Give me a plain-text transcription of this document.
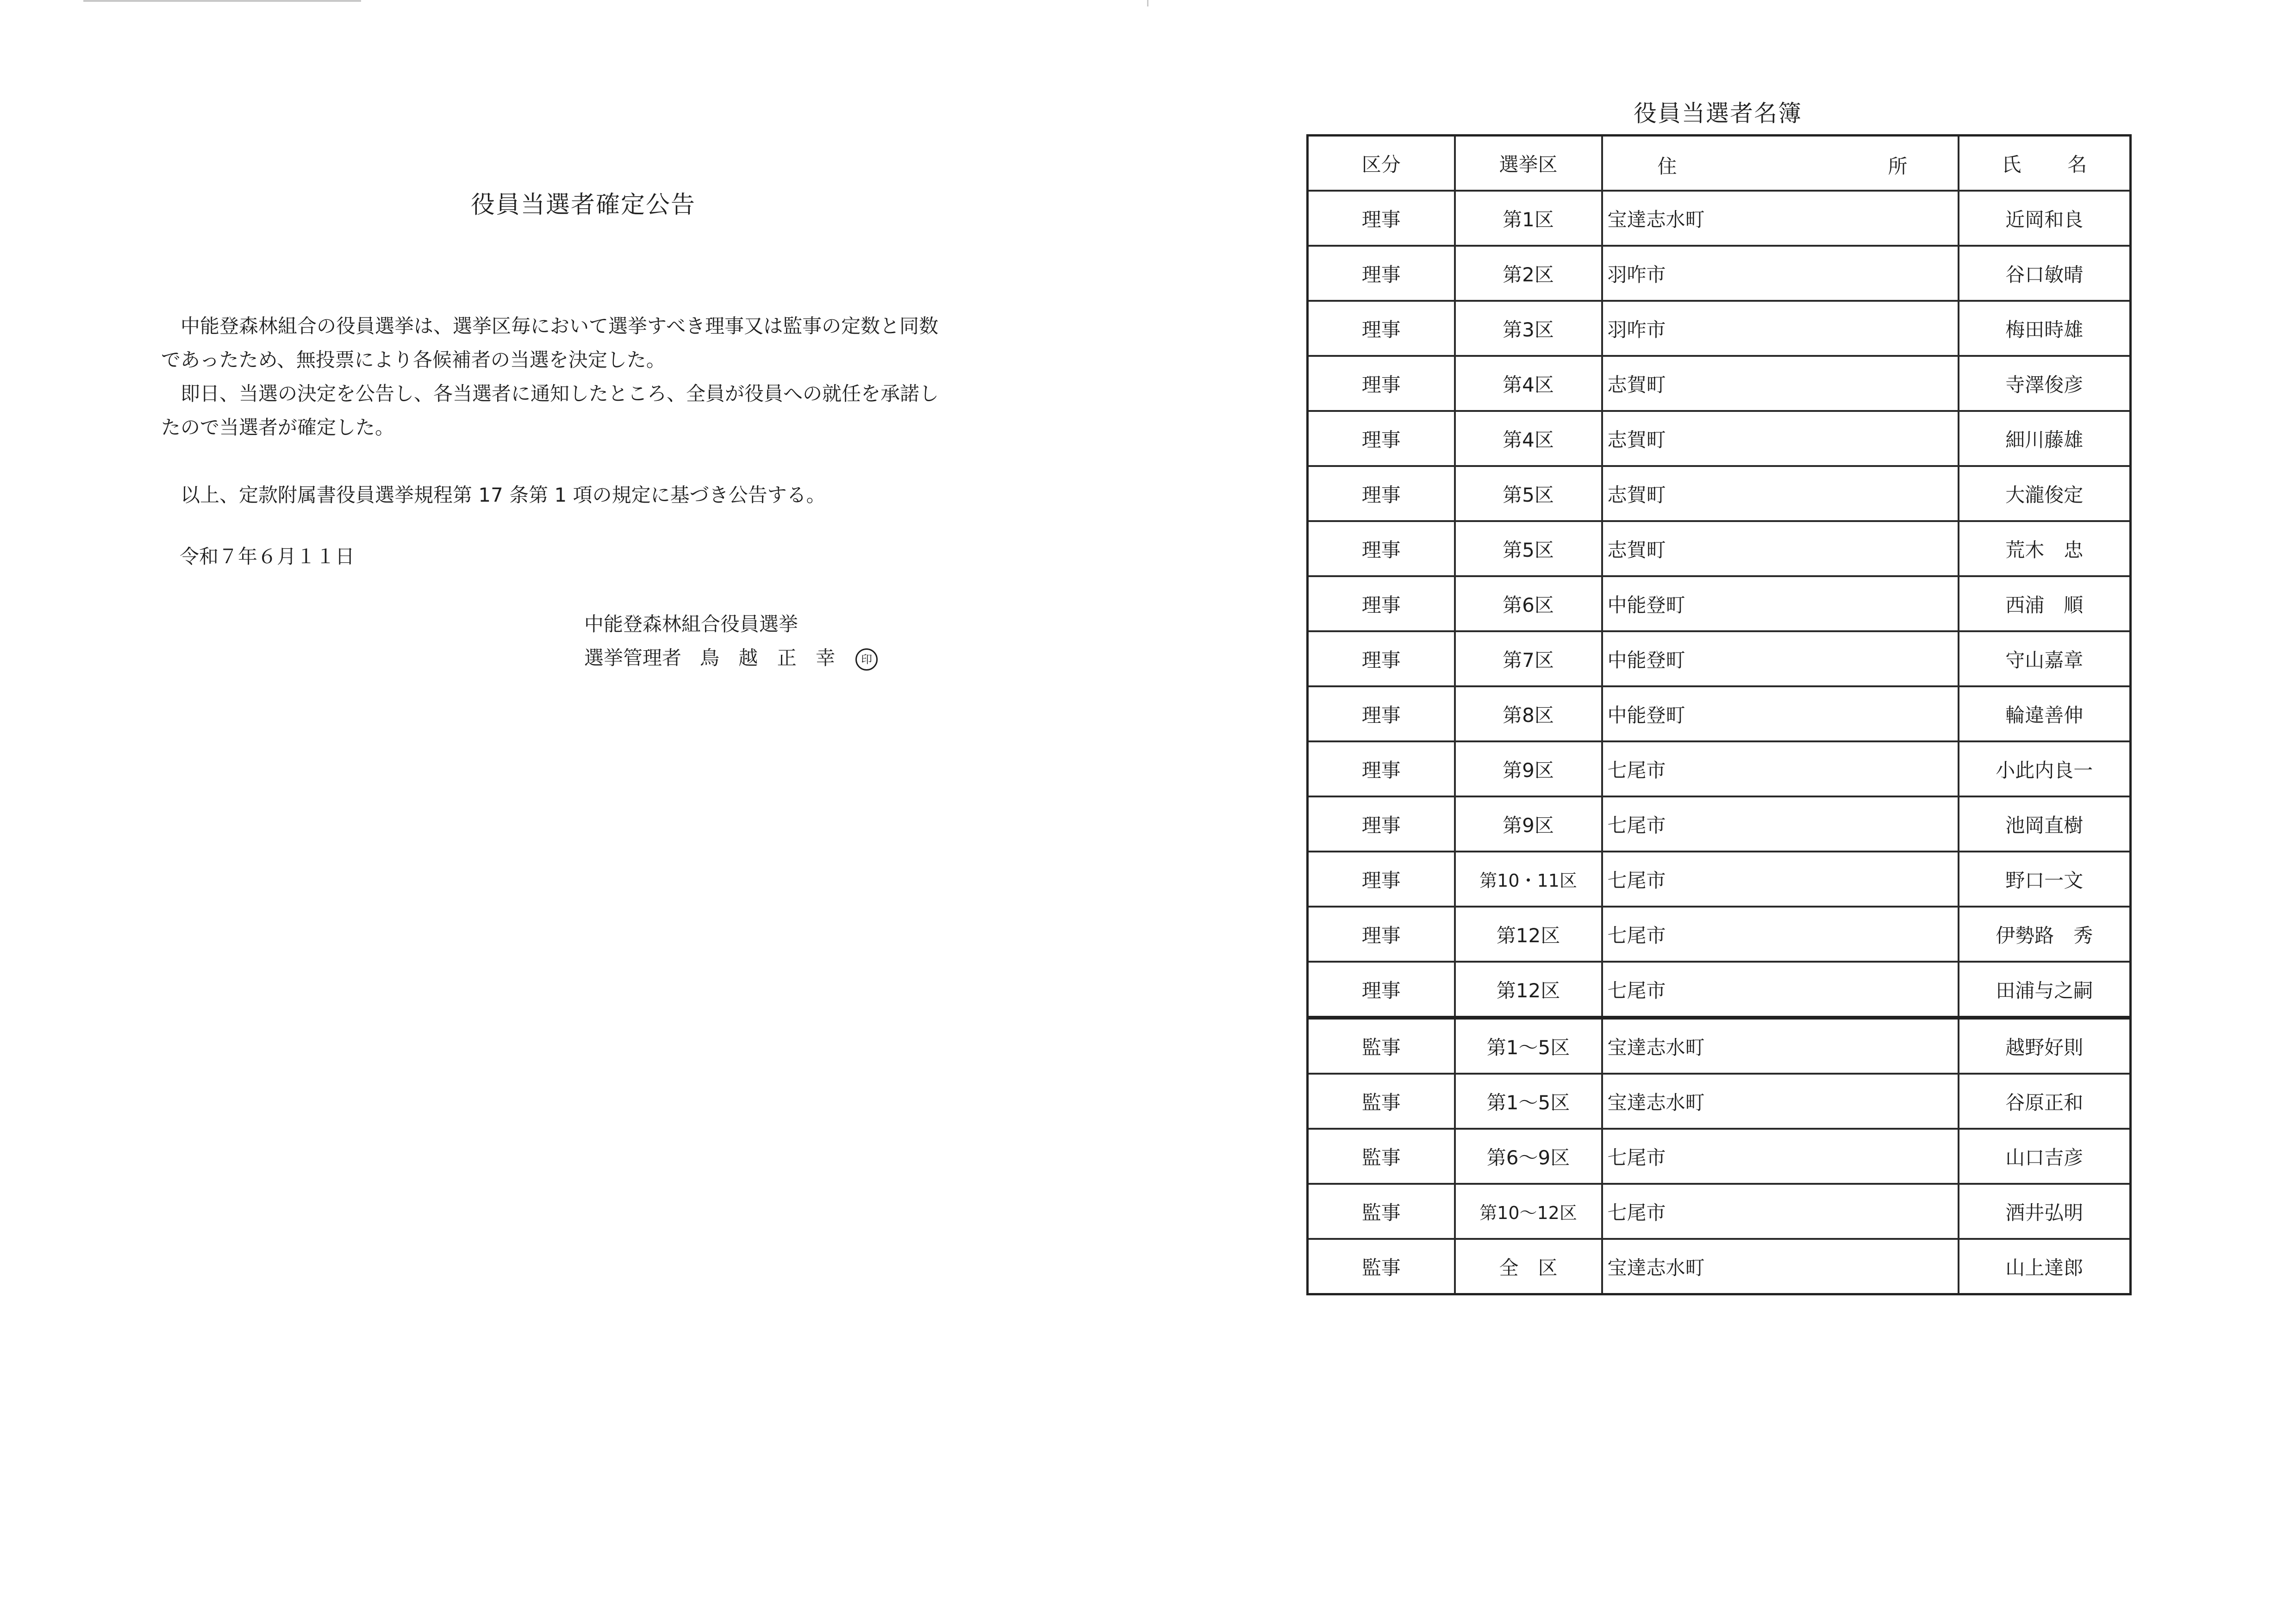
役員当選者確定公告

　中能登森林組合の役員選挙は、選挙区毎において選挙すべき理事又は監事の定数と同数

であったため、無投票により各候補者の当選を決定した。

　即日、当選の決定を公告し、各当選者に通知したところ、全員が役員への就任を承諾し

たので当選者が確定した。

　以上、定款附属書役員選挙規程第 17 条第 1 項の規定に基づき公告する。

令和７年６月１１日
中能登森林組合役員選挙
選挙管理者 鳥 越 正 幸 印
役員当選者名簿
区分	選挙区	住 所	氏 名
理事	第1区	宝達志水町	近岡和良
理事	第2区	羽咋市	谷口敏晴
理事	第3区	羽咋市	梅田時雄
理事	第4区	志賀町	寺澤俊彦
理事	第4区	志賀町	細川藤雄
理事	第5区	志賀町	大瀧俊定
理事	第5区	志賀町	荒木　忠
理事	第6区	中能登町	西浦　順
理事	第7区	中能登町	守山嘉章
理事	第8区	中能登町	輪違善伸
理事	第9区	七尾市	小此内良一
理事	第9区	七尾市	池岡直樹
理事	第10・11区	七尾市	野口一文
理事	第12区	七尾市	伊勢路　秀
理事	第12区	七尾市	田浦与之嗣
監事	第1～5区	宝達志水町	越野好則
監事	第1～5区	宝達志水町	谷原正和
監事	第6～9区	七尾市	山口吉彦
監事	第10～12区	七尾市	酒井弘明
監事	全　区	宝達志水町	山上達郎
